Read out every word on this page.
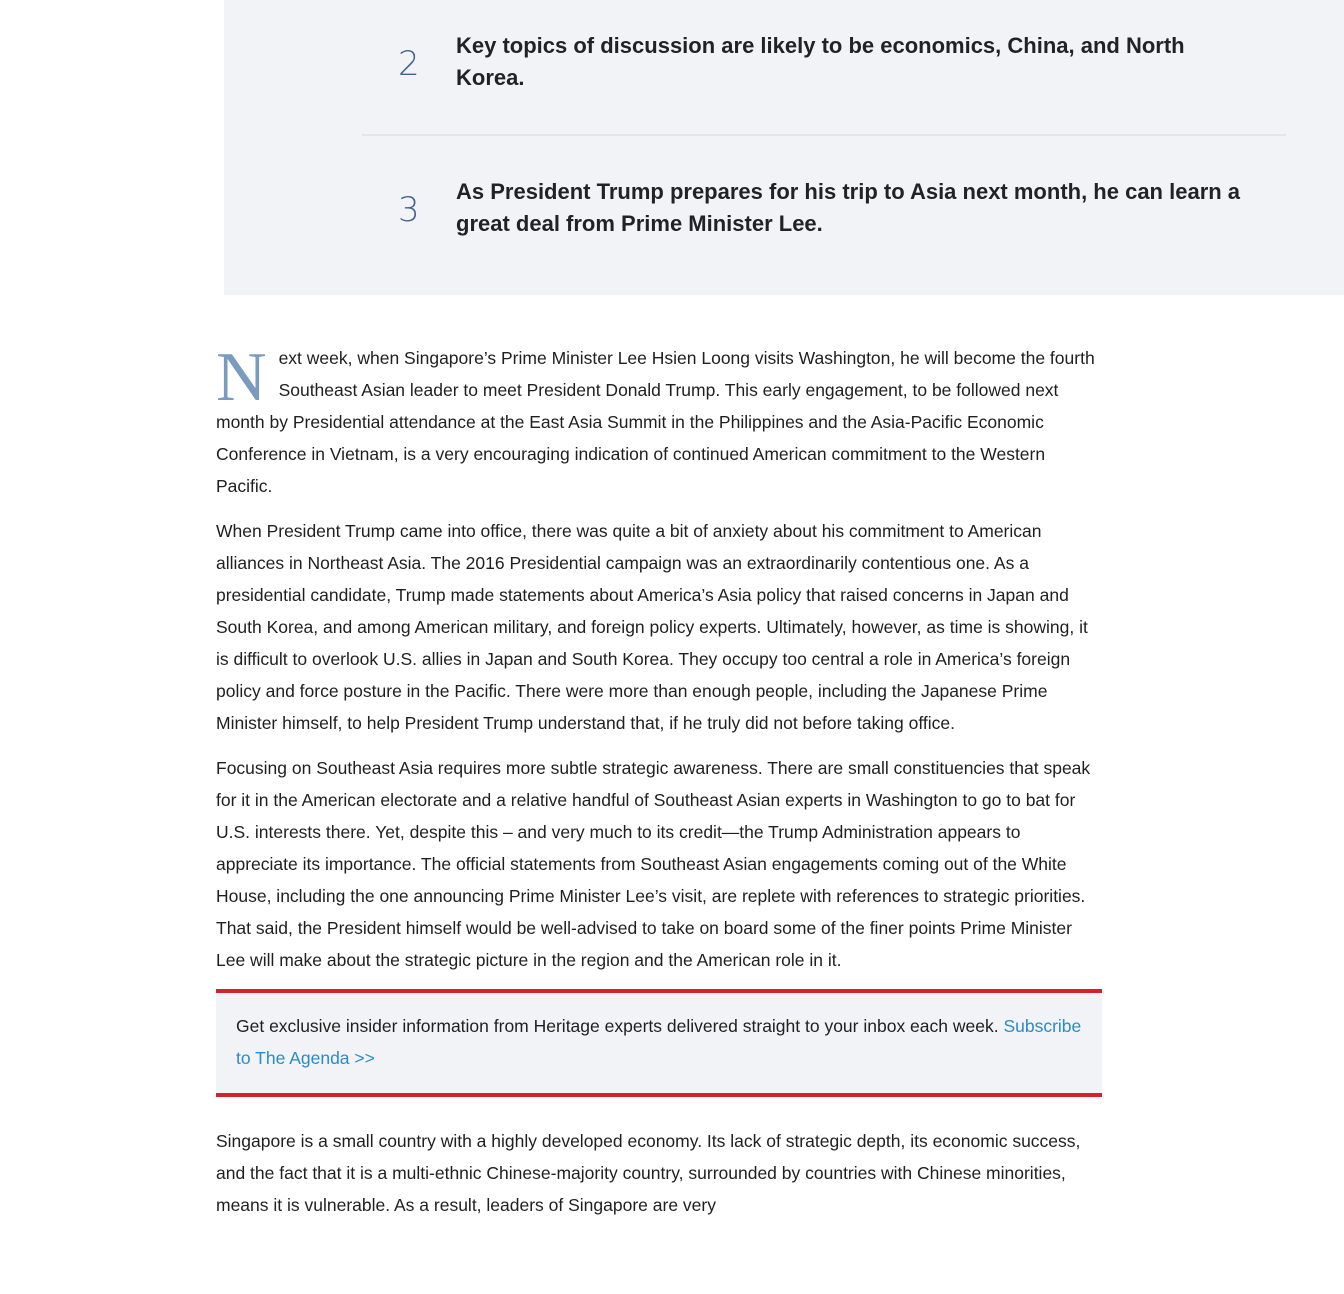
2 Key topics of discussion are likely to be economics, China, and North Korea.
3 As President Trump prepares for his trip to Asia next month, he can learn a great deal from Prime Minister Lee.

Next week, when Singapore’s Prime Minister Lee Hsien Loong visits Washington, he will become the fourth Southeast Asian leader to meet President Donald Trump. This early engagement, to be followed next month by Presidential attendance at the East Asia Summit in the Philippines and the Asia-Pacific Economic Conference in Vietnam, is a very encouraging indication of continued American commitment to the Western Pacific.

When President Trump came into office, there was quite a bit of anxiety about his commitment to American alliances in Northeast Asia. The 2016 Presidential campaign was an extraordinarily contentious one. As a presidential candidate, Trump made statements about America’s Asia policy that raised concerns in Japan and South Korea, and among American military, and foreign policy experts. Ultimately, however, as time is showing, it is difficult to overlook U.S. allies in Japan and South Korea. They occupy too central a role in America’s foreign policy and force posture in the Pacific. There were more than enough people, including the Japanese Prime Minister himself, to help President Trump understand that, if he truly did not before taking office.

Focusing on Southeast Asia requires more subtle strategic awareness. There are small constituencies that speak for it in the American electorate and a relative handful of Southeast Asian experts in Washington to go to bat for U.S. interests there. Yet, despite this – and very much to its credit—the Trump Administration appears to appreciate its importance. The official statements from Southeast Asian engagements coming out of the White House, including the one announcing Prime Minister Lee’s visit, are replete with references to strategic priorities. That said, the President himself would be well-advised to take on board some of the finer points Prime Minister Lee will make about the strategic picture in the region and the American role in it.

Get exclusive insider information from Heritage experts delivered straight to your inbox each week. Subscribe to The Agenda >>

Singapore is a small country with a highly developed economy. Its lack of strategic depth, its economic success, and the fact that it is a multi-ethnic Chinese-majority country, surrounded by countries with Chinese minorities, means it is vulnerable. As a result, leaders of Singapore are very
